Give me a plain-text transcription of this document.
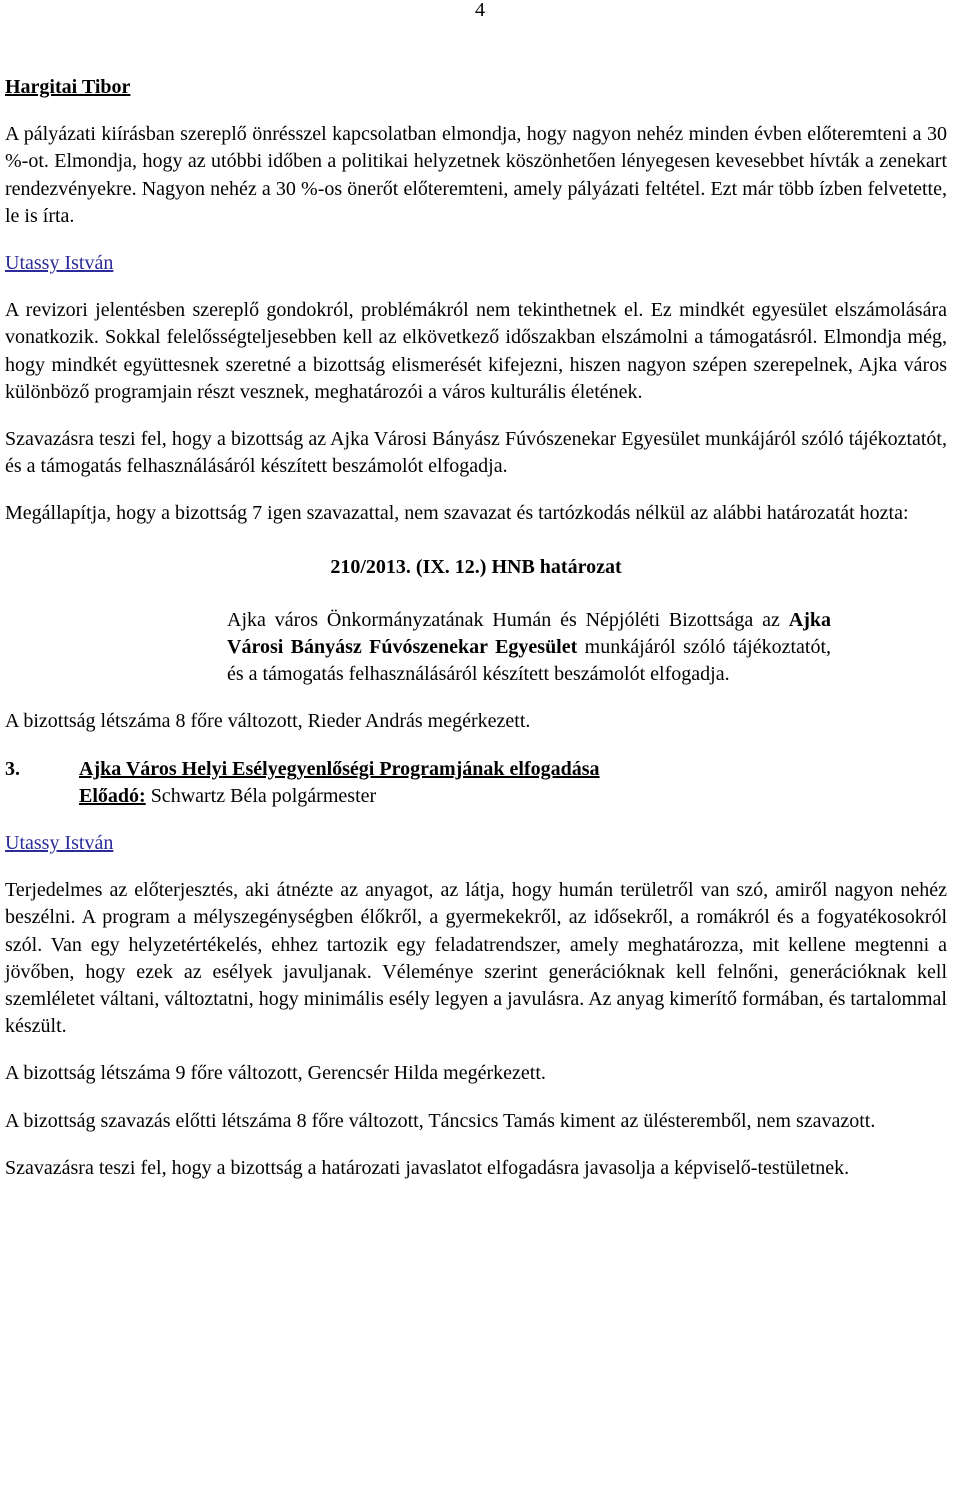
4

Hargitai Tibor

A pályázati kiírásban szereplő önrésszel kapcsolatban elmondja, hogy nagyon nehéz minden évben előteremteni a 30 %-ot. Elmondja, hogy az utóbbi időben a politikai helyzetnek köszönhetően lényegesen kevesebbet hívták a zenekart rendezvényekre. Nagyon nehéz a 30 %-os önerőt előteremteni, amely pályázati feltétel. Ezt már több ízben felvetette, le is írta.

Utassy István

A revizori jelentésben szereplő gondokról, problémákról nem tekinthetnek el. Ez mindkét egyesület elszámolására vonatkozik. Sokkal felelősségteljesebben kell az elkövetkező időszakban elszámolni a támogatásról. Elmondja még, hogy mindkét együttesnek szeretné a bizottság elismerését kifejezni, hiszen nagyon szépen szerepelnek, Ajka város különböző programjain részt vesznek, meghatározói a város kulturális életének.

Szavazásra teszi fel, hogy a bizottság az Ajka Városi Bányász Fúvószenekar Egyesület munkájáról szóló tájékoztatót, és a támogatás felhasználásáról készített beszámolót elfogadja.

Megállapítja, hogy a bizottság 7 igen szavazattal, nem szavazat és tartózkodás nélkül az alábbi határozatát hozta:

210/2013. (IX. 12.) HNB határozat

Ajka város Önkormányzatának Humán és Népjóléti Bizottsága az Ajka Városi Bányász Fúvószenekar Egyesület munkájáról szóló tájékoztatót, és a támogatás felhasználásáról készített beszámolót elfogadja.

A bizottság létszáma 8 főre változott, Rieder András megérkezett.

3.	Ajka Város Helyi Esélyegyenlőségi Programjának elfogadása
Előadó: Schwartz Béla polgármester

Utassy István

Terjedelmes az előterjesztés, aki átnézte az anyagot, az látja, hogy humán területről van szó, amiről nagyon nehéz beszélni. A program a mélyszegénységben élőkről, a gyermekekről, az idősekről, a romákról és a fogyatékosokról szól. Van egy helyzetértékelés, ehhez tartozik egy feladatrendszer, amely meghatározza, mit kellene megtenni a jövőben, hogy ezek az esélyek javuljanak. Véleménye szerint generációknak kell felnőni, generációknak kell szemléletet váltani, változtatni, hogy minimális esély legyen a javulásra. Az anyag kimerítő formában, és tartalommal készült.

A bizottság létszáma 9 főre változott, Gerencsér Hilda megérkezett.

A bizottság szavazás előtti létszáma 8 főre változott, Táncsics Tamás kiment az ülésteremből, nem szavazott.

Szavazásra teszi fel, hogy a bizottság a határozati javaslatot elfogadásra javasolja a képviselő-testületnek.
